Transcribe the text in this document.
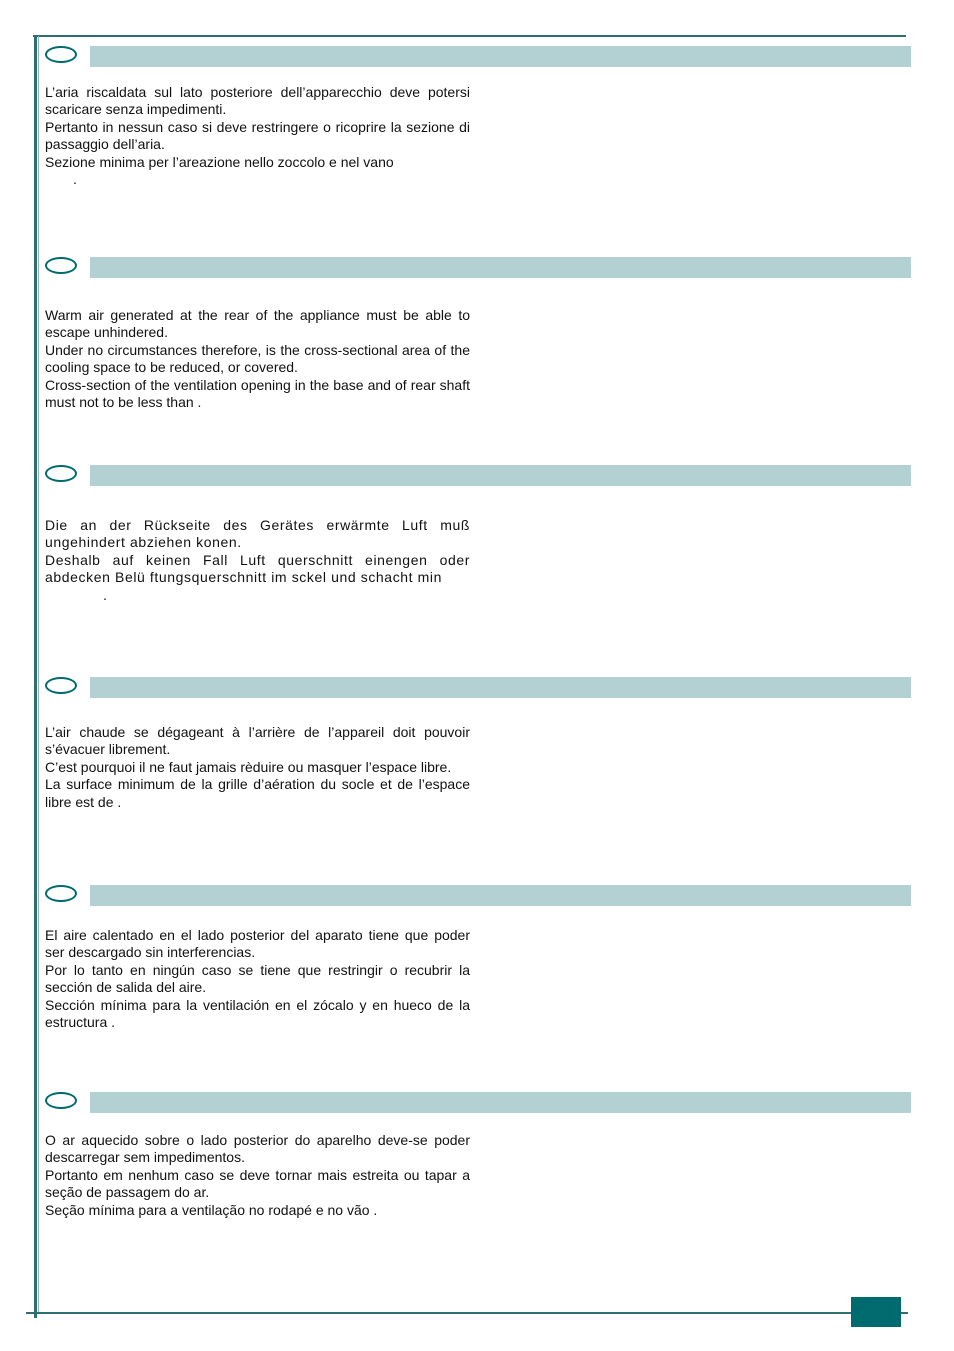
L’aria riscaldata sul lato posteriore dell’apparecchio deve potersi scaricare senza impedimenti.

Pertanto in nessun caso si deve restringere o ricoprire la sezione di passaggio dell’aria.

Sezione minima per l’areazione nello zoccolo e nel vano

.

Warm air generated at the rear of the appliance must be able to escape unhindered.

Under no circumstances therefore, is the cross-sectional area of the cooling space to be reduced, or covered.

Cross-section of the ventilation opening in the base and of rear shaft must not to be less than .

Die an der Rückseite des Gerätes erwärmte Luft muß ungehindert abziehen konen.

Deshalb auf keinen Fall Luft querschnitt einengen oder abdecken Belü ftungsquerschnitt im sckel und schacht min

.

L’air chaude se dégageant à l’arrière de l’appareil doit pouvoir s’évacuer librement.

C’est pourquoi il ne faut jamais rèduire ou masquer l’espace libre.

La surface minimum de la grille d’aération du socle et de l’espace libre est de .

El aire calentado en el lado posterior del aparato tiene que poder ser descargado sin interferencias.

Por lo tanto en ningún caso se tiene que restringir o recubrir la sección de salida del aire.

Sección mínima para la ventilación en el zócalo y en hueco de la estructura .

O ar aquecido sobre o lado posterior do aparelho deve-se poder descarregar sem impedimentos.

Portanto em nenhum caso se deve tornar mais estreita ou tapar a seção de passagem do ar.

Seção mínima para a ventilação no rodapé e no vão .
